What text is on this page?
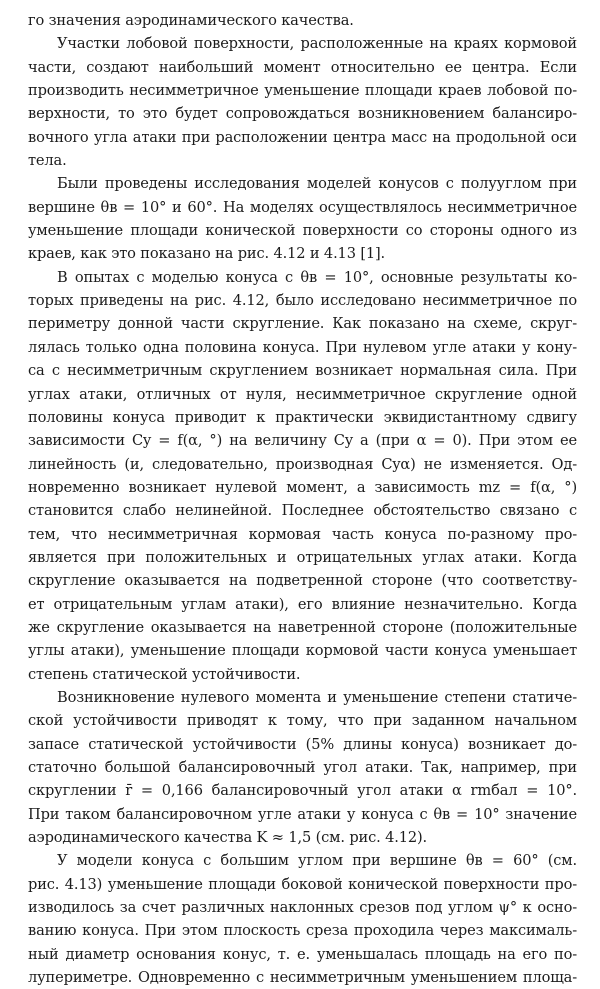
го значения аэродинамического качества.
Участки лобовой поверхности, расположенные на краях кормовой
части, создают наибольший момент относительно ее центра. Если
производить несимметричное уменьшение площади краев лобовой по-
верхности, то это будет сопровождаться возникновением балансиро-
вочного угла атаки при расположении центра масс на продольной оси
тела.
Были проведены исследования моделей конусов с полууглом при
вершине θв = 10° и 60°. На моделях осуществлялось несимметричное
уменьшение площади конической поверхности со стороны одного из
краев, как это показано на рис. 4.12 и 4.13 [1].
В опытах с моделью конуса с θв = 10°, основные результаты ко-
торых приведены на рис. 4.12, было исследовано несимметричное по
периметру донной части скругление. Как показано на схеме, скруг-
лялась только одна половина конуса. При нулевом угле атаки у кону-
са с несимметричным скруглением возникает нормальная сила. При
углах атаки, отличных от нуля, несимметричное скругление одной
половины конуса приводит к практически эквидистантному сдвигу
зависимости Cy = f(α, °) на величину Cy a (при α = 0). При этом ее
линейность (и, следовательно, производная Cyα) не изменяется. Од-
новременно возникает нулевой момент, а зависимость mz = f(α, °)
становится слабо нелинейной. Последнее обстоятельство связано с
тем, что несимметричная кормовая часть конуса по-разному про-
является при положительных и отрицательных углах атаки. Когда
скругление оказывается на подветренной стороне (что соответству-
ет отрицательным углам атаки), его влияние незначительно. Когда
же скругление оказывается на наветренной стороне (положительные
углы атаки), уменьшение площади кормовой части конуса уменьшает
степень статической устойчивости.
Возникновение нулевого момента и уменьшение степени статиче-
ской устойчивости приводят к тому, что при заданном начальном
запасе статической устойчивости (5% длины конуса) возникает до-
статочно большой балансировочный угол атаки. Так, например, при
скруглении r̄ = 0,166 балансировочный угол атаки α rmбал = 10°.
При таком балансировочном угле атаки у конуса с θв = 10° значение
аэродинамического качества K ≈ 1,5 (см. рис. 4.12).
У модели конуса с большим углом при вершине θв = 60° (см.
рис. 4.13) уменьшение площади боковой конической поверхности про-
изводилось за счет различных наклонных срезов под углом ψ° к осно-
ванию конуса. При этом плоскость среза проходила через максималь-
ный диаметр основания конус, т. е. уменьшалась площадь на его по-
лупериметре. Одновременно с несимметричным уменьшением площа-
